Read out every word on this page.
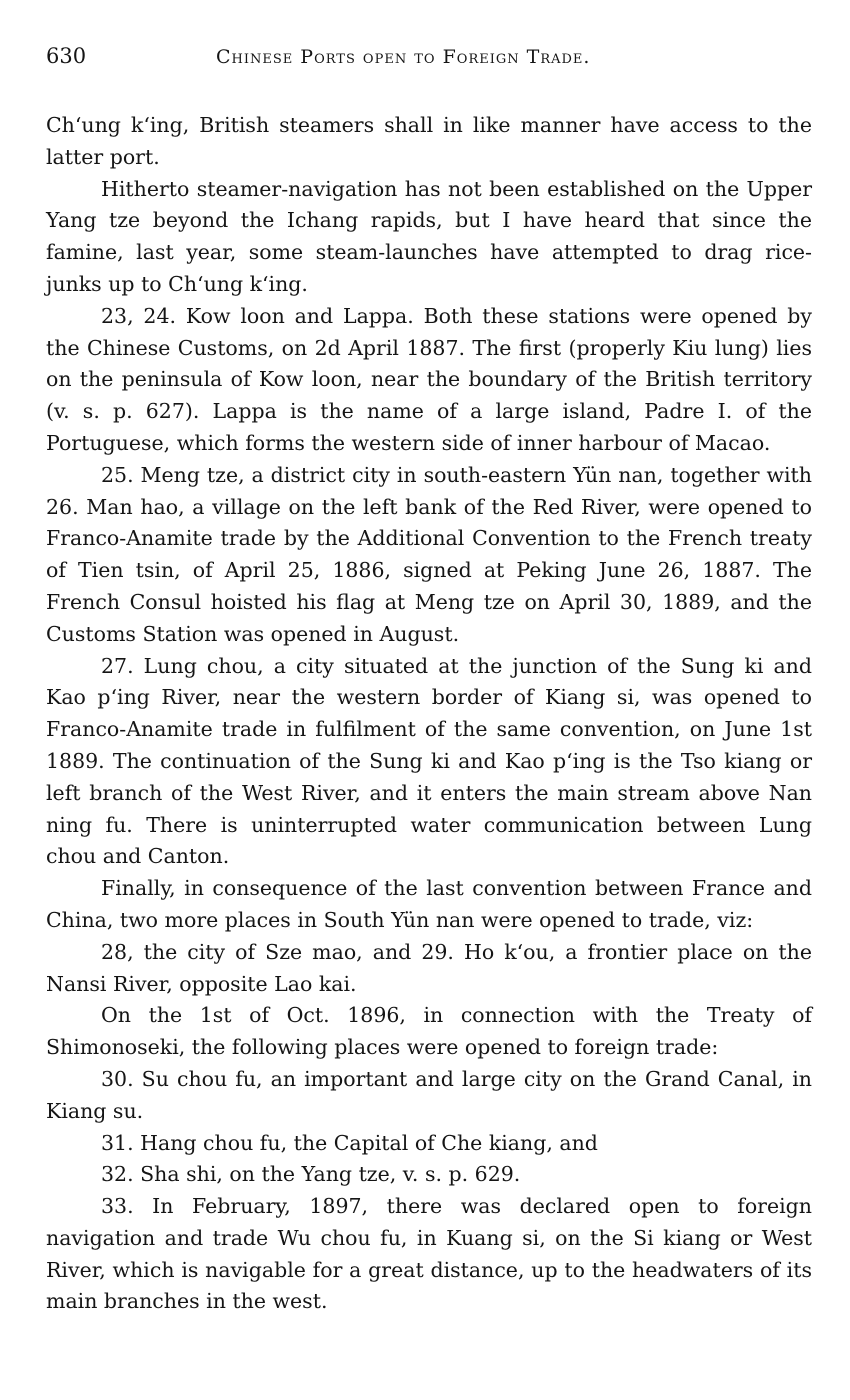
630	Chinese Ports open to Foreign Trade.

Ch‘ung k‘ing, British steamers shall in like manner have access to the latter port.

Hitherto steamer-navigation has not been established on the Upper Yang tze beyond the Ichang rapids, but I have heard that since the famine, last year, some steam-launches have attempted to drag rice-junks up to Ch‘ung k‘ing.

23, 24. Kow loon and Lappa. Both these stations were opened by the Chinese Customs, on 2d April 1887. The first (properly Kiu lung) lies on the peninsula of Kow loon, near the boundary of the British territory (v. s. p. 627). Lappa is the name of a large island, Padre I. of the Portuguese, which forms the western side of inner harbour of Macao.

25. Meng tze, a district city in south-eastern Yün nan, together with 26. Man hao, a village on the left bank of the Red River, were opened to Franco-Anamite trade by the Additional Convention to the French treaty of Tien tsin, of April 25, 1886, signed at Peking June 26, 1887. The French Consul hoisted his flag at Meng tze on April 30, 1889, and the Customs Station was opened in August.

27. Lung chou, a city situated at the junction of the Sung ki and Kao p‘ing River, near the western border of Kiang si, was opened to Franco-Anamite trade in fulfilment of the same convention, on June 1st 1889. The continuation of the Sung ki and Kao p‘ing is the Tso kiang or left branch of the West River, and it enters the main stream above Nan ning fu. There is uninterrupted water communication between Lung chou and Canton.

Finally, in consequence of the last convention between France and China, two more places in South Yün nan were opened to trade, viz:

28, the city of Sze mao, and 29. Ho k‘ou, a frontier place on the Nansi River, opposite Lao kai.

On the 1st of Oct. 1896, in connection with the Treaty of Shimonoseki, the following places were opened to foreign trade:

30. Su chou fu, an important and large city on the Grand Canal, in Kiang su.

31. Hang chou fu, the Capital of Che kiang, and

32. Sha shi, on the Yang tze, v. s. p. 629.

33. In February, 1897, there was declared open to foreign navigation and trade Wu chou fu, in Kuang si, on the Si kiang or West River, which is navigable for a great distance, up to the headwaters of its main branches in the west.
